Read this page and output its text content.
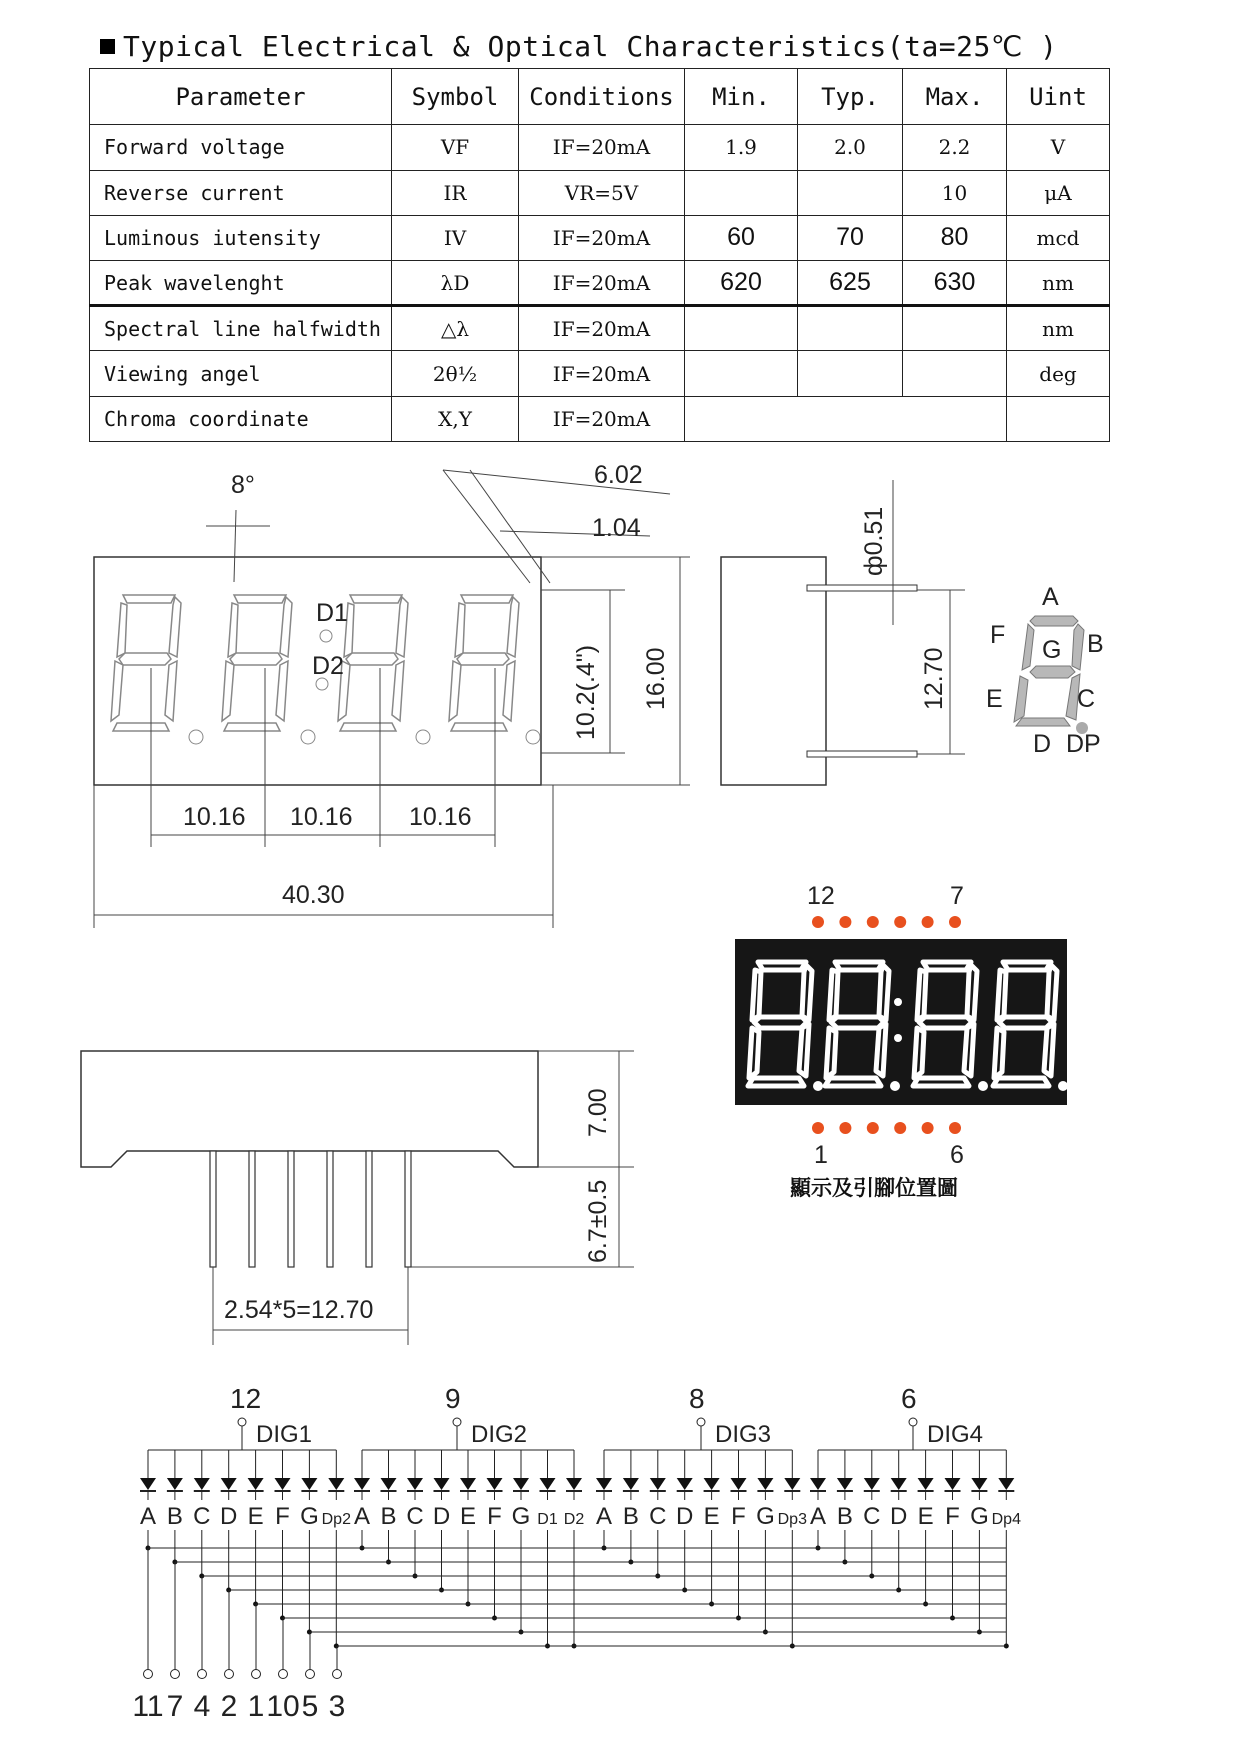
Typical Electrical & Optical Characteristics(ta=25℃ )
Parameter	Symbol	Conditions	Min.	Typ.	Max.	Uint
Forward voltage	VF	IF=20mA	1.9	2.0	2.2	V
Reverse current	IR	VR=5V			10	μA
Luminous iutensity	IV	IF=20mA	60	70	80	mcd
Peak wavelenght	λD	IF=20mA	620	625	630	nm
Spectral line halfwidth	△λ	IF=20mA				nm
Viewing angel	2θ½	IF=20mA				deg
Chroma coordinate	X,Y	IF=20mA				
D1
D2
8°	6.02
1.04
10.2(.4") 16.00
10.16 10.16 10.16
40.30
ф0.51
12.70
A
B
C
D
E
F
G
DP
12	7
1	6
7.00
6.7±0.5
2.54*5=12.70
12
DIG1
A B C D E F G Dp2
9
DIG2
A B C D E F G D1 D2
8
DIG3
A B C D E F G Dp3
6
DIG4
A B C D E F G Dp4
11 7 4 2 1 10 5 3
顯示及引腳位置圖
